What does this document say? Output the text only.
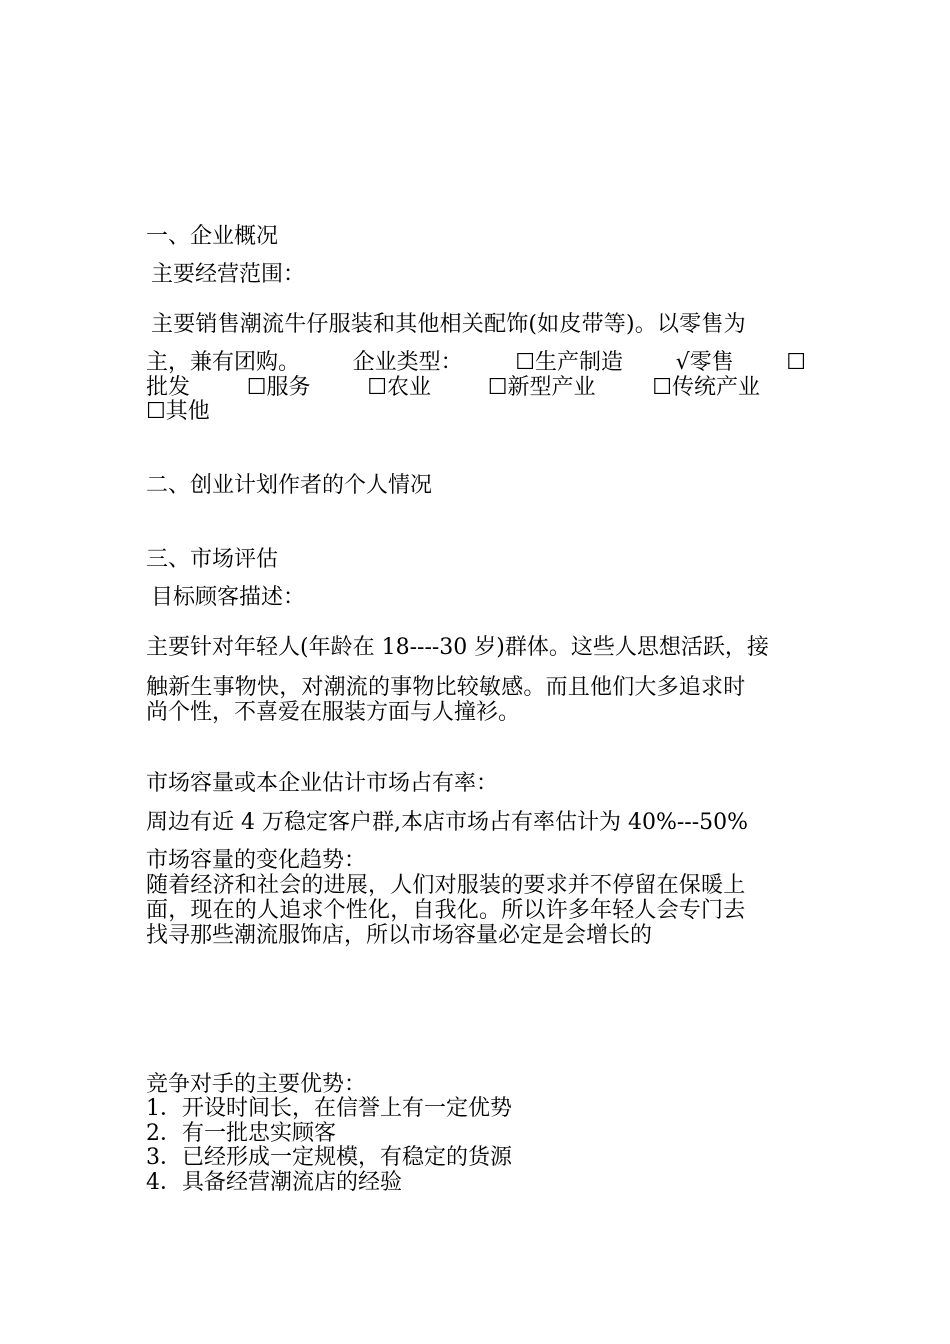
一、企业概况
主要经营范围：
主要销售潮流牛仔服装和其他相关配饰(如皮带等)。以零售为
主，兼有团购。 企业类型： ☐生产制造 √零售 ☐
批发	☐服务	☐农业	☐新型产业	☐传统产业
☐其他
二、创业计划作者的个人情况
三、市场评估
目标顾客描述：
主要针对年轻人(年龄在 18----30 岁)群体。这些人思想活跃，接
触新生事物快，对潮流的事物比较敏感。而且他们大多追求时
尚个性，不喜爱在服装方面与人撞衫。
市场容量或本企业估计市场占有率：
周边有近 4 万稳定客户群,本店市场占有率估计为 40%---50%
市场容量的变化趋势：
随着经济和社会的进展，人们对服装的要求并不停留在保暖上
面，现在的人追求个性化，自我化。所以许多年轻人会专门去
找寻那些潮流服饰店，所以市场容量必定是会增长的
竞争对手的主要优势：
1．开设时间长，在信誉上有一定优势
2．有一批忠实顾客
3．已经形成一定规模，有稳定的货源
4．具备经营潮流店的经验
